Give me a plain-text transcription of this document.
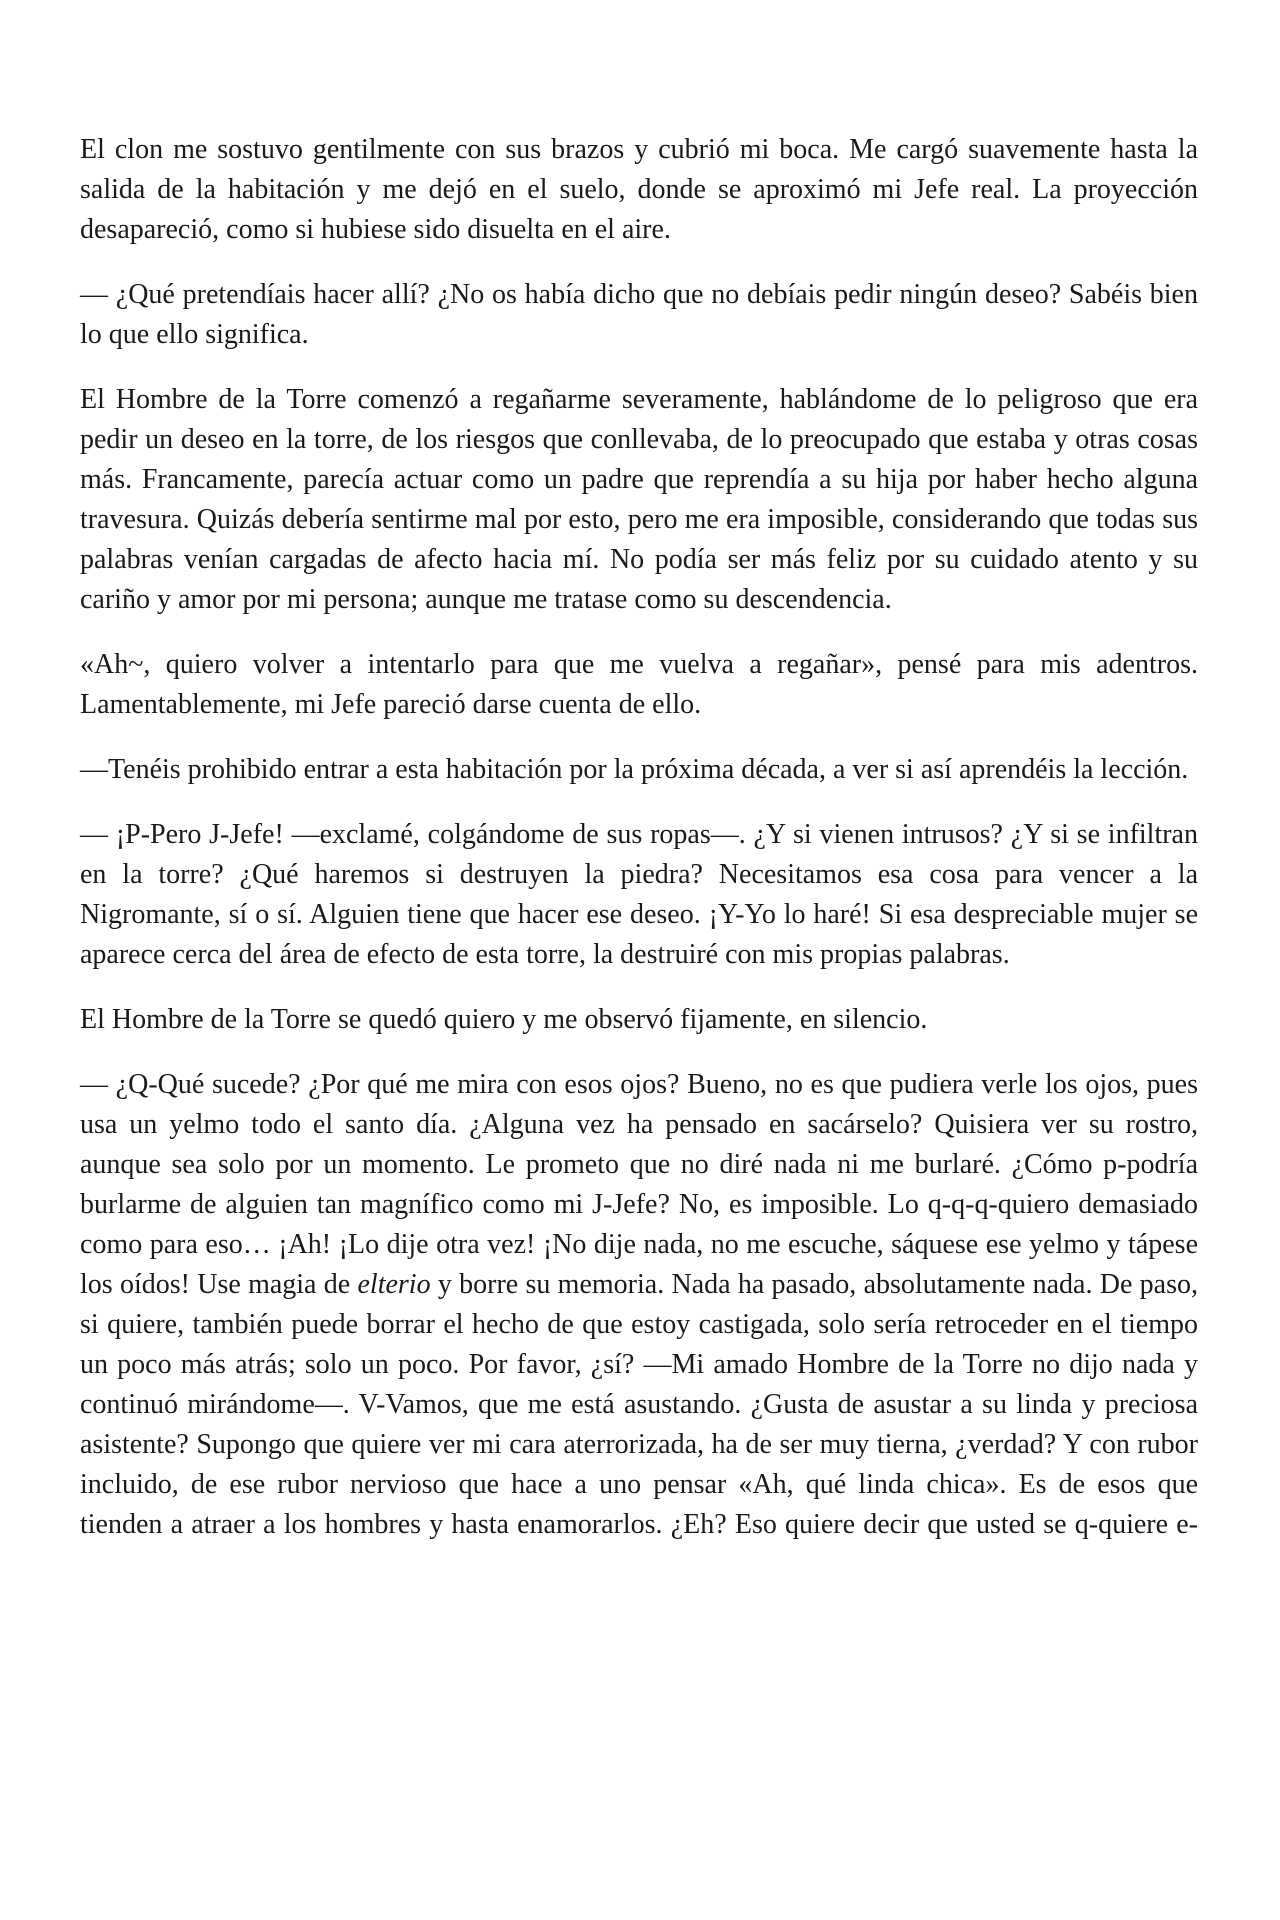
El clon me sostuvo gentilmente con sus brazos y cubrió mi boca. Me cargó suavemente hasta la salida de la habitación y me dejó en el suelo, donde se aproximó mi Jefe real. La proyección desapareció, como si hubiese sido disuelta en el aire.

— ¿Qué pretendíais hacer allí? ¿No os había dicho que no debíais pedir ningún deseo? Sabéis bien lo que ello significa.

El Hombre de la Torre comenzó a regañarme severamente, hablándome de lo peligroso que era pedir un deseo en la torre, de los riesgos que conllevaba, de lo preocupado que estaba y otras cosas más. Francamente, parecía actuar como un padre que reprendía a su hija por haber hecho alguna travesura. Quizás debería sentirme mal por esto, pero me era imposible, considerando que todas sus palabras venían cargadas de afecto hacia mí. No podía ser más feliz por su cuidado atento y su cariño y amor por mi persona; aunque me tratase como su descendencia.

«Ah~, quiero volver a intentarlo para que me vuelva a regañar», pensé para mis adentros. Lamentablemente, mi Jefe pareció darse cuenta de ello.

—Tenéis prohibido entrar a esta habitación por la próxima década, a ver si así aprendéis la lección.

— ¡P-Pero J-Jefe! —exclamé, colgándome de sus ropas—. ¿Y si vienen intrusos? ¿Y si se infiltran en la torre? ¿Qué haremos si destruyen la piedra? Necesitamos esa cosa para vencer a la Nigromante, sí o sí. Alguien tiene que hacer ese deseo. ¡Y-Yo lo haré! Si esa despreciable mujer se aparece cerca del área de efecto de esta torre, la destruiré con mis propias palabras.

El Hombre de la Torre se quedó quiero y me observó fijamente, en silencio.

— ¿Q-Qué sucede? ¿Por qué me mira con esos ojos? Bueno, no es que pudiera verle los ojos, pues usa un yelmo todo el santo día. ¿Alguna vez ha pensado en sacárselo? Quisiera ver su rostro, aunque sea solo por un momento. Le prometo que no diré nada ni me burlaré. ¿Cómo p-podría burlarme de alguien tan magnífico como mi J-Jefe? No, es imposible. Lo q-q-q-quiero demasiado como para eso… ¡Ah! ¡Lo dije otra vez! ¡No dije nada, no me escuche, sáquese ese yelmo y tápese los oídos! Use magia de elterio y borre su memoria. Nada ha pasado, absolutamente nada. De paso, si quiere, también puede borrar el hecho de que estoy castigada, solo sería retroceder en el tiempo un poco más atrás; solo un poco. Por favor, ¿sí? —Mi amado Hombre de la Torre no dijo nada y continuó mirándome—. V-Vamos, que me está asustando. ¿Gusta de asustar a su linda y preciosa asistente? Supongo que quiere ver mi cara aterrorizada, ha de ser muy tierna, ¿verdad? Y con rubor incluido, de ese rubor nervioso que hace a uno pensar «Ah, qué linda chica». Es de esos que tienden a atraer a los hombres y hasta enamorarlos. ¿Eh? Eso quiere decir que usted se q-quiere e-
